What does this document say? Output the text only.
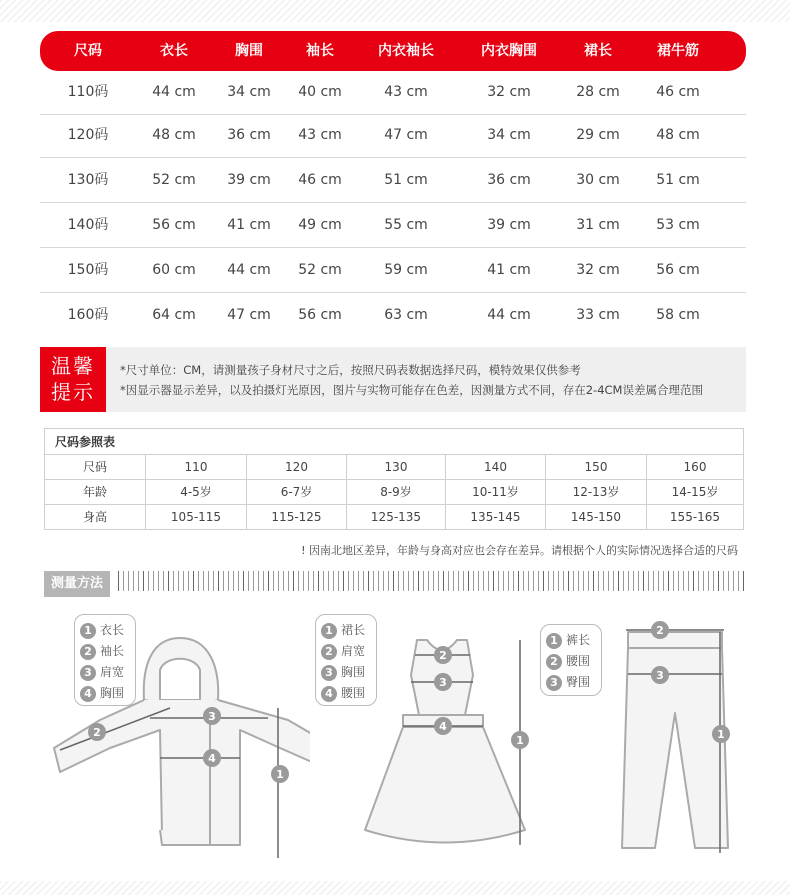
尺码	衣长	胸围	袖长	内衣袖长	内衣胸围	裙长	裙牛筋
110码	44 cm 34 cm 40 cm	43 cm	32 cm	28 cm	46 cm
120码	48 cm 36 cm 43 cm	47 cm	34 cm	29 cm	48 cm
130码	52 cm 39 cm 46 cm	51 cm	36 cm	30 cm	51 cm
140码	56 cm 41 cm 49 cm	55 cm	39 cm	31 cm	53 cm
150码	60 cm 44 cm 52 cm	59 cm	41 cm	32 cm	56 cm
160码	64 cm 47 cm 56 cm	63 cm	44 cm	33 cm	58 cm
温馨
提示
*尺寸单位：CM，请测量孩子身材尺寸之后，按照尺码表数据选择尺码，模特效果仅供参考
*因显示器显示差异，以及拍摄灯光原因，图片与实物可能存在色差，因测量方式不同，存在2-4CM误差属合理范围
尺码参照表
尺码	110	120	130	140	150	160
年龄	4-5岁	6-7岁	8-9岁	10-11岁	12-13岁	14-15岁
身高	105-115	115-125	125-135	135-145	145-150	155-165
! 因南北地区差异，年龄与身高对应也会存在差异。请根据个人的实际情况选择合适的尺码
测量方法
1 衣长
2 袖长
3 肩宽
4 胸围
1 裙长
2 肩宽
3 胸围
4 腰围
1 裤长
2 腰围
3 臀围
1
2
3
4
1
2
3
4
1
2
3
